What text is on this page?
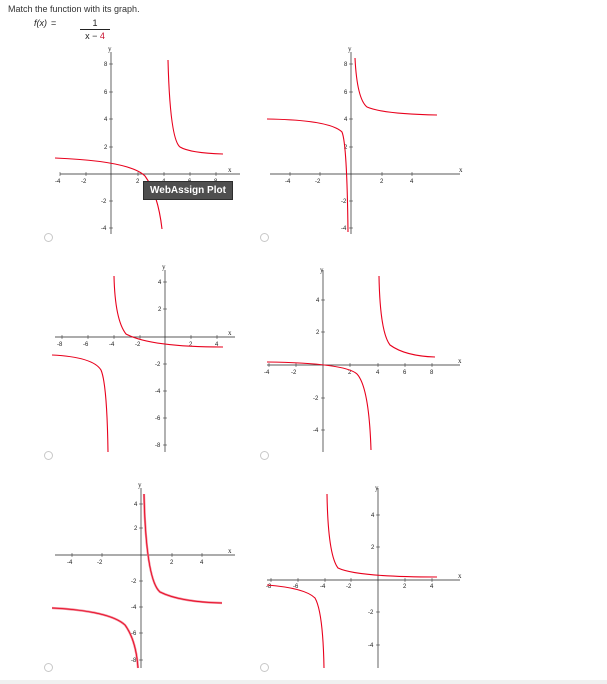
Match the function with its graph.
f(x) =	1
x − 4
-4	-2	2
8
6
4
2
-2
-4
x
y
-4	-2	2	4
8
6
4
2
-2
-4
x
y
-8	-6	-4	-2	2	4
4
2
-2
-4
-6
-8
x
y
-4	-2	2	4	6	8
4
2
-2
-4
x
y
-4	-2	2	4
4
2
-2
-4
-6
-8
x
y
-8	-6	-4	-2	2	4
4
2
-2
-4
x
y
WebAssign Plot
